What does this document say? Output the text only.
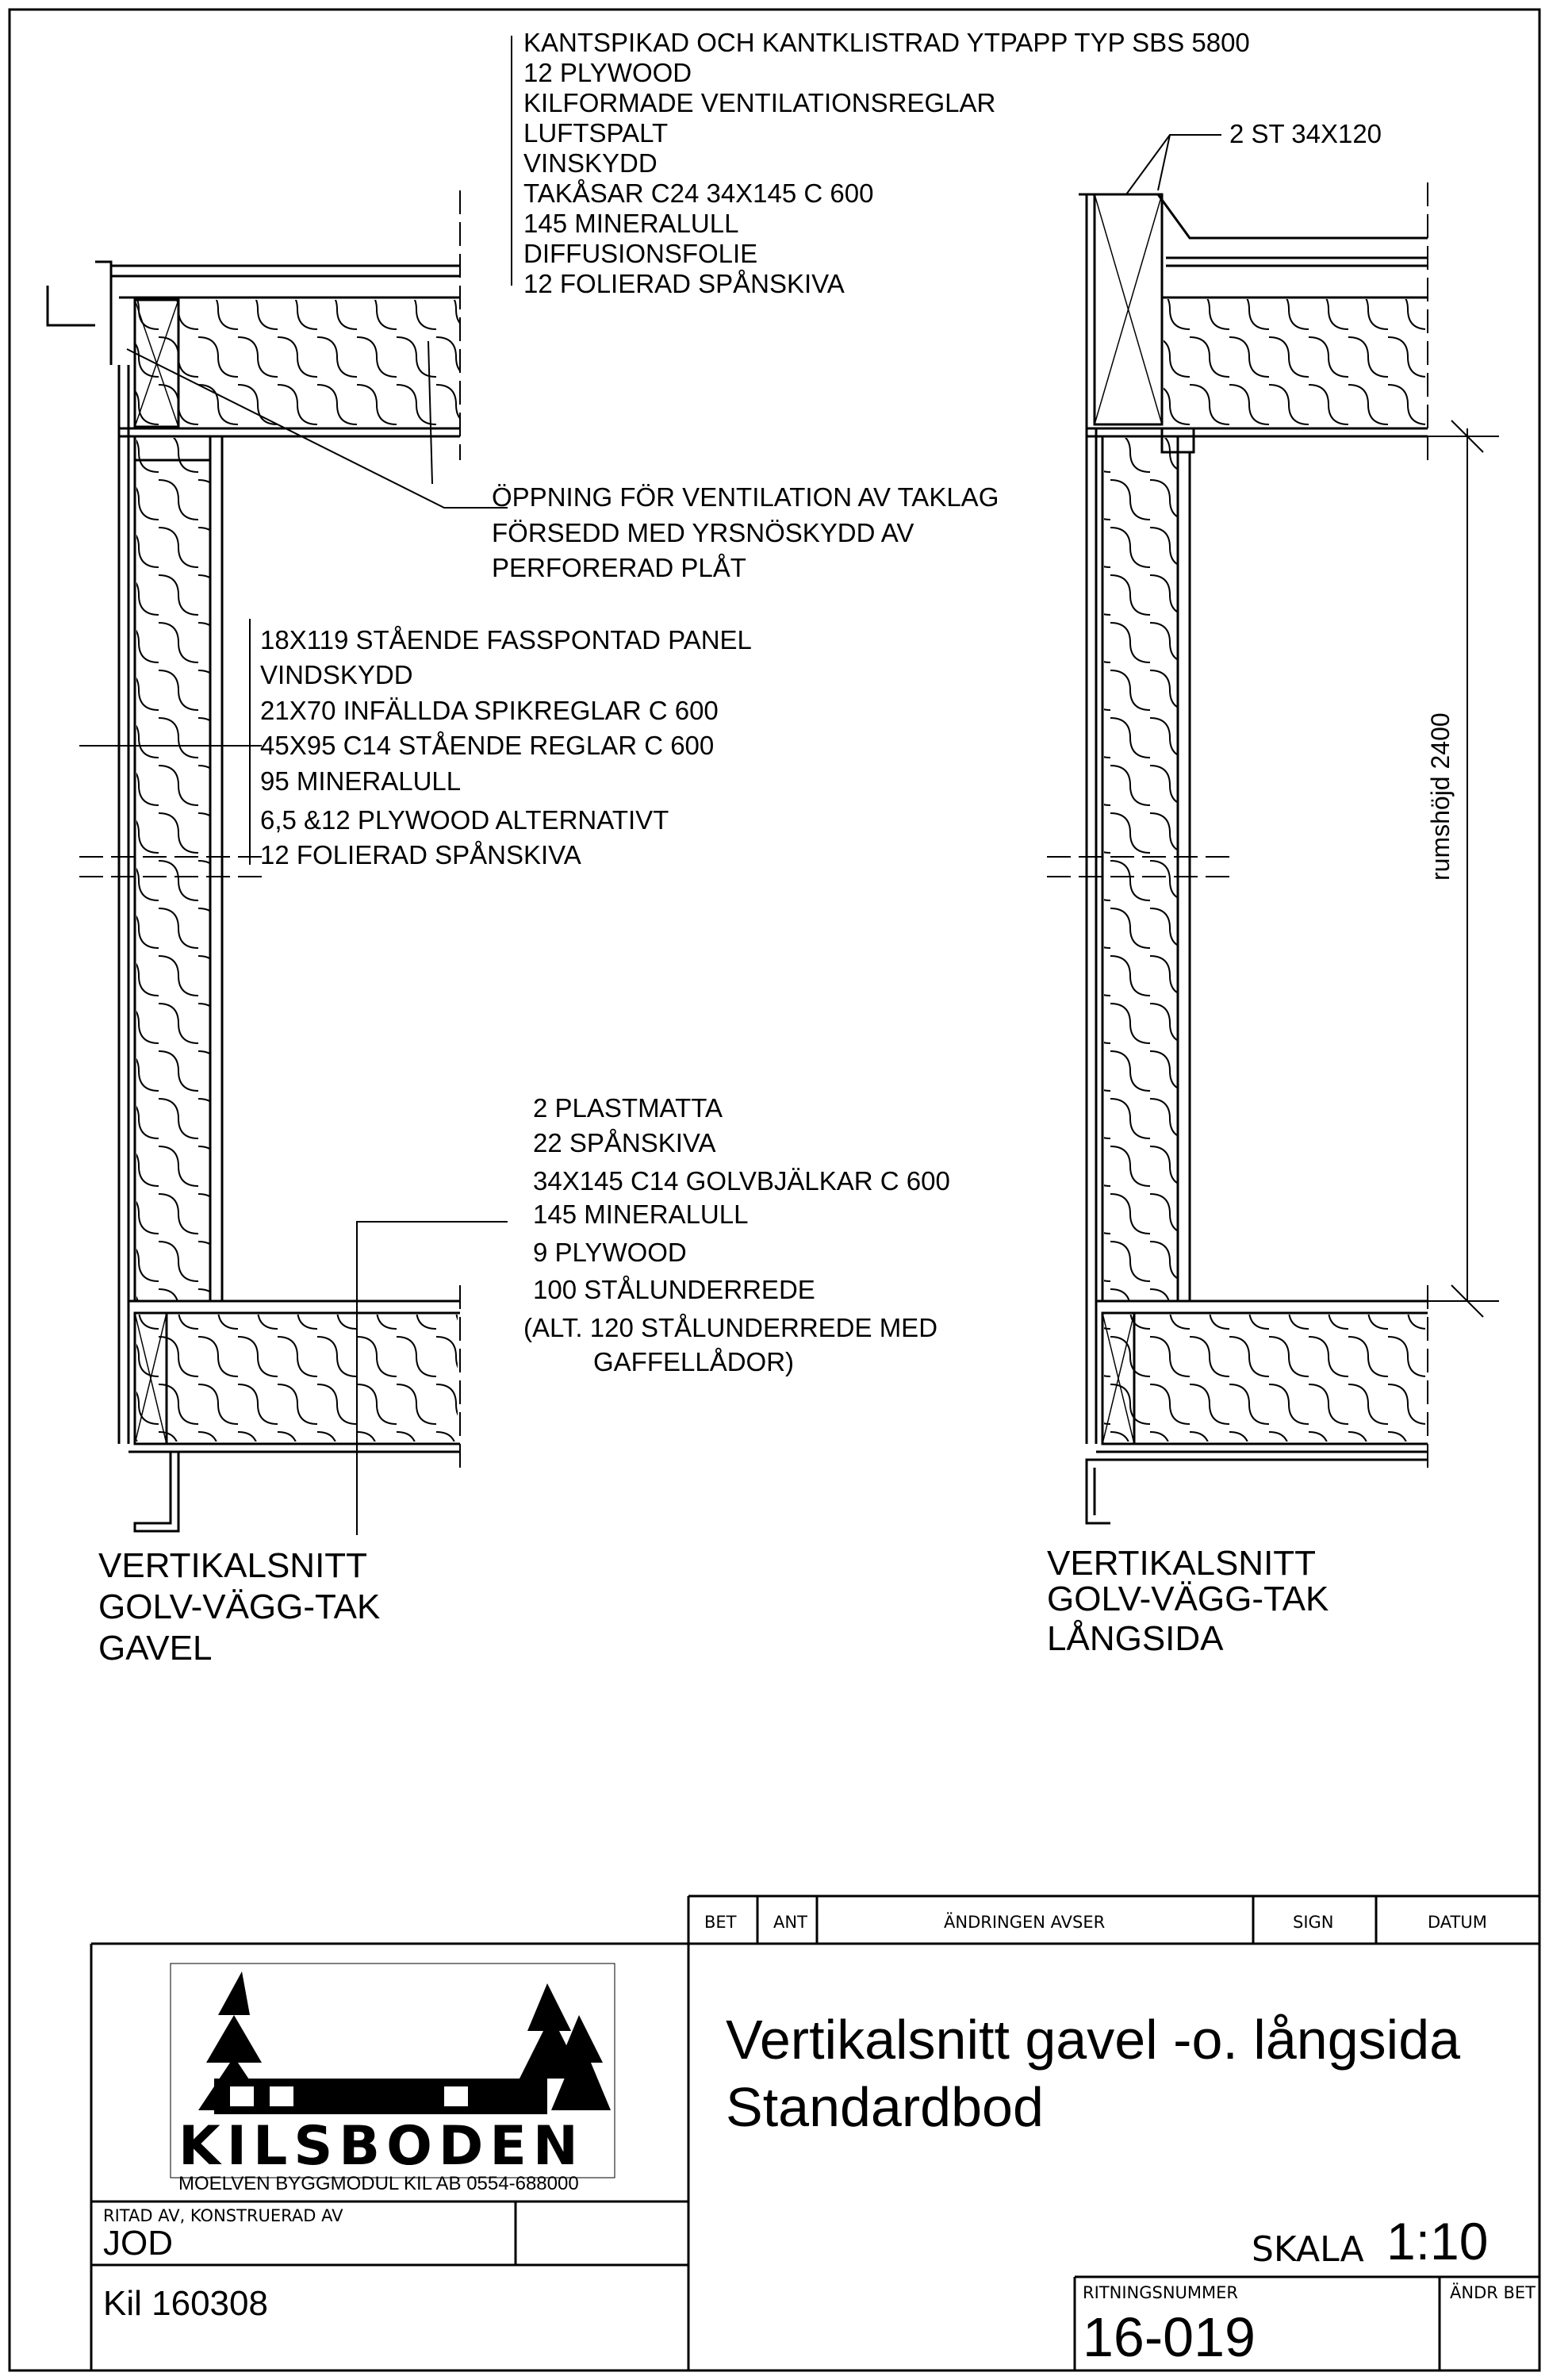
KANTSPIKAD OCH KANTKLISTRAD YTPAPP TYP SBS 5800
12 PLYWOOD
KILFORMADE VENTILATIONSREGLAR
LUFTSPALT
VINSKYDD
TAKÅSAR C24 34X145 C 600
145 MINERALULL
DIFFUSIONSFOLIE
12 FOLIERAD SPÅNSKIVA
2 ST 34X120
ÖPPNING FÖR VENTILATION AV TAKLAG
FÖRSEDD MED YRSNÖSKYDD AV
PERFORERAD PLÅT
18X119 STÅENDE FASSPONTAD PANEL
VINDSKYDD
21X70 INFÄLLDA SPIKREGLAR C 600
45X95 C14 STÅENDE REGLAR C 600
95 MINERALULL
6,5 &12 PLYWOOD ALTERNATIVT
12 FOLIERAD SPÅNSKIVA
2 PLASTMATTA
22 SPÅNSKIVA
34X145 C14 GOLVBJÄLKAR C 600
145 MINERALULL
9 PLYWOOD
100 STÅLUNDERREDE
(ALT. 120 STÅLUNDERREDE MED
GAFFELLÅDOR)
rumshöjd 2400
VERTIKALSNITT
GOLV-VÄGG-TAK
GAVEL
VERTIKALSNITT
GOLV-VÄGG-TAK
LÅNGSIDA
BET ANT	ÄNDRINGEN AVSER	SIGN	DATUM
KILSBODEN
MOELVEN BYGGMODUL KIL AB 0554-688000
Vertikalsnitt gavel -o. långsida
Standardbod
RITAD AV, KONSTRUERAD AV
JOD
Kil 160308
SKALA 1:10
RITNINGSNUMMER
16-019
ÄNDR BET
